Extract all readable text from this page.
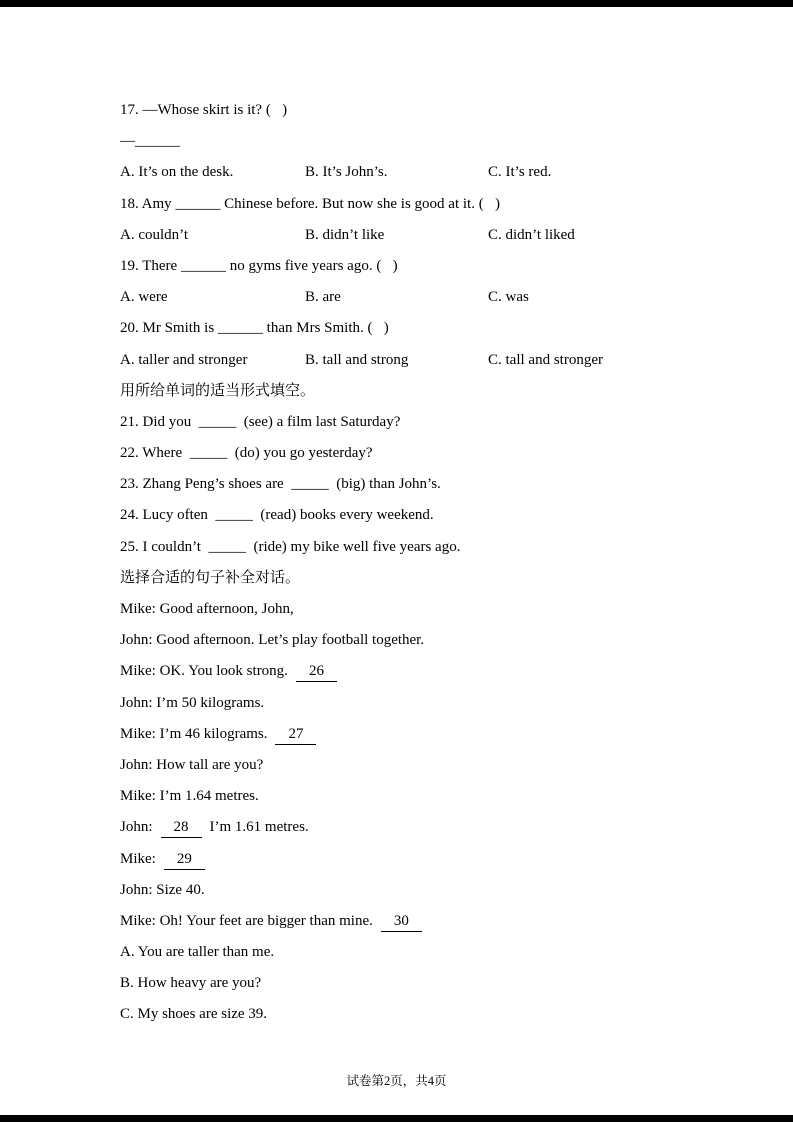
17. —Whose skirt is it? (   )

—______

A. It’s on the desk.	B. It’s John’s.	C. It’s red.

18. Amy ______ Chinese before. But now she is good at it. (   )

A. couldn’t	B. didn’t like	C. didn’t liked

19. There ______ no gyms five years ago. (   )

A. were	B. are	C. was

20. Mr Smith is ______ than Mrs Smith. (   )

A. taller and stronger	B. tall and strong	C. tall and stronger

用所给单词的适当形式填空。

21. Did you  _____  (see) a film last Saturday?

22. Where  _____  (do) you go yesterday?

23. Zhang Peng’s shoes are  _____  (big) than John’s.

24. Lucy often  _____  (read) books every weekend.

25. I couldn’t  _____  (ride) my bike well five years ago.

选择合适的句子补全对话。

Mike: Good afternoon, John,

John: Good afternoon. Let’s play football together.

Mike: OK. You look strong. 26

John: I’m 50 kilograms.

Mike: I’m 46 kilograms. 27

John: How tall are you?

Mike: I’m 1.64 metres.

John: 28 I’m 1.61 metres.

Mike: 29

John: Size 40.

Mike: Oh! Your feet are bigger than mine. 30

A. You are taller than me.

B. How heavy are you?

C. My shoes are size 39.

试卷第2页，共4页
